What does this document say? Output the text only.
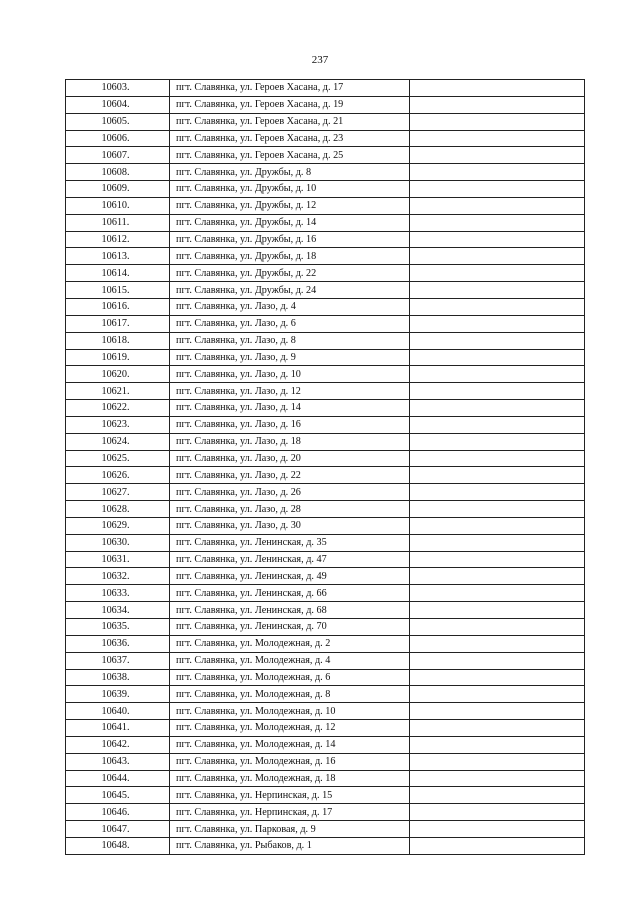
237
10603.	пгт. Славянка, ул. Героев Хасана, д. 17	
10604.	пгт. Славянка, ул. Героев Хасана, д. 19	
10605.	пгт. Славянка, ул. Героев Хасана, д. 21	
10606.	пгт. Славянка, ул. Героев Хасана, д. 23	
10607.	пгт. Славянка, ул. Героев Хасана, д. 25	
10608.	пгт. Славянка, ул. Дружбы, д. 8	
10609.	пгт. Славянка, ул. Дружбы, д. 10	
10610.	пгт. Славянка, ул. Дружбы, д. 12	
10611.	пгт. Славянка, ул. Дружбы, д. 14	
10612.	пгт. Славянка, ул. Дружбы, д. 16	
10613.	пгт. Славянка, ул. Дружбы, д. 18	
10614.	пгт. Славянка, ул. Дружбы, д. 22	
10615.	пгт. Славянка, ул. Дружбы, д. 24	
10616.	пгт. Славянка, ул. Лазо, д. 4	
10617.	пгт. Славянка, ул. Лазо, д. 6	
10618.	пгт. Славянка, ул. Лазо, д. 8	
10619.	пгт. Славянка, ул. Лазо, д. 9	
10620.	пгт. Славянка, ул. Лазо, д. 10	
10621.	пгт. Славянка, ул. Лазо, д. 12	
10622.	пгт. Славянка, ул. Лазо, д. 14	
10623.	пгт. Славянка, ул. Лазо, д. 16	
10624.	пгт. Славянка, ул. Лазо, д. 18	
10625.	пгт. Славянка, ул. Лазо, д. 20	
10626.	пгт. Славянка, ул. Лазо, д. 22	
10627.	пгт. Славянка, ул. Лазо, д. 26	
10628.	пгт. Славянка, ул. Лазо, д. 28	
10629.	пгт. Славянка, ул. Лазо, д. 30	
10630.	пгт. Славянка, ул. Ленинская, д. 35	
10631.	пгт. Славянка, ул. Ленинская, д. 47	
10632.	пгт. Славянка, ул. Ленинская, д. 49	
10633.	пгт. Славянка, ул. Ленинская, д. 66	
10634.	пгт. Славянка, ул. Ленинская, д. 68	
10635.	пгт. Славянка, ул. Ленинская, д. 70	
10636.	пгт. Славянка, ул. Молодежная, д. 2	
10637.	пгт. Славянка, ул. Молодежная, д. 4	
10638.	пгт. Славянка, ул. Молодежная, д. 6	
10639.	пгт. Славянка, ул. Молодежная, д. 8	
10640.	пгт. Славянка, ул. Молодежная, д. 10	
10641.	пгт. Славянка, ул. Молодежная, д. 12	
10642.	пгт. Славянка, ул. Молодежная, д. 14	
10643.	пгт. Славянка, ул. Молодежная, д. 16	
10644.	пгт. Славянка, ул. Молодежная, д. 18	
10645.	пгт. Славянка, ул. Нерпинская, д. 15	
10646.	пгт. Славянка, ул. Нерпинская, д. 17	
10647.	пгт. Славянка, ул. Парковая, д. 9	
10648.	пгт. Славянка, ул. Рыбаков, д. 1	
